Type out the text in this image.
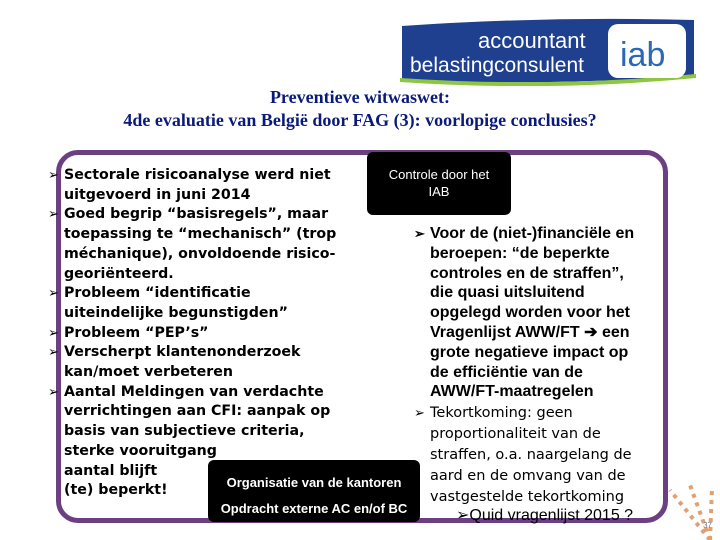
accountant
belastingconsulent iab
Preventieve witwaswet:
4de evaluatie van België door FAG (3): voorlopige conclusies?
➢ Sectorale risicoanalyse werd niet
uitgevoerd in juni 2014
➢ Goed begrip “basisregels”, maar
toepassing te “mechanisch” (trop
méchanique), onvoldoende risico-
georiënteerd.
➢ Probleem “identificatie
uiteindelijke begunstigden”
➢ Probleem “PEP’s”
➢ Verscherpt klantenonderzoek
kan/moet verbeteren
➢ Aantal Meldingen van verdachte
verrichtingen aan CFI: aanpak op
basis van subjectieve criteria,
sterke vooruitgang
aantal blijft
(te) beperkt!
Controle door het
IAB
➢ Voor de (niet-)financiële en
beroepen: “de beperkte
controles en de straffen”,
die quasi uitsluitend
opgelegd worden voor het
Vragenlijst AWW/FT ➔ een
grote negatieve impact op
de efficiëntie van de
AWW/FT-maatregelen
➢ Tekortkoming: geen
proportionaliteit van de
straffen, o.a. naargelang de
aard en de omvang van de
vastgestelde tekortkoming
➢Quid vragenlijst 2015 ?
Organisatie van de kantoren
Opdracht externe AC en/of BC
37
